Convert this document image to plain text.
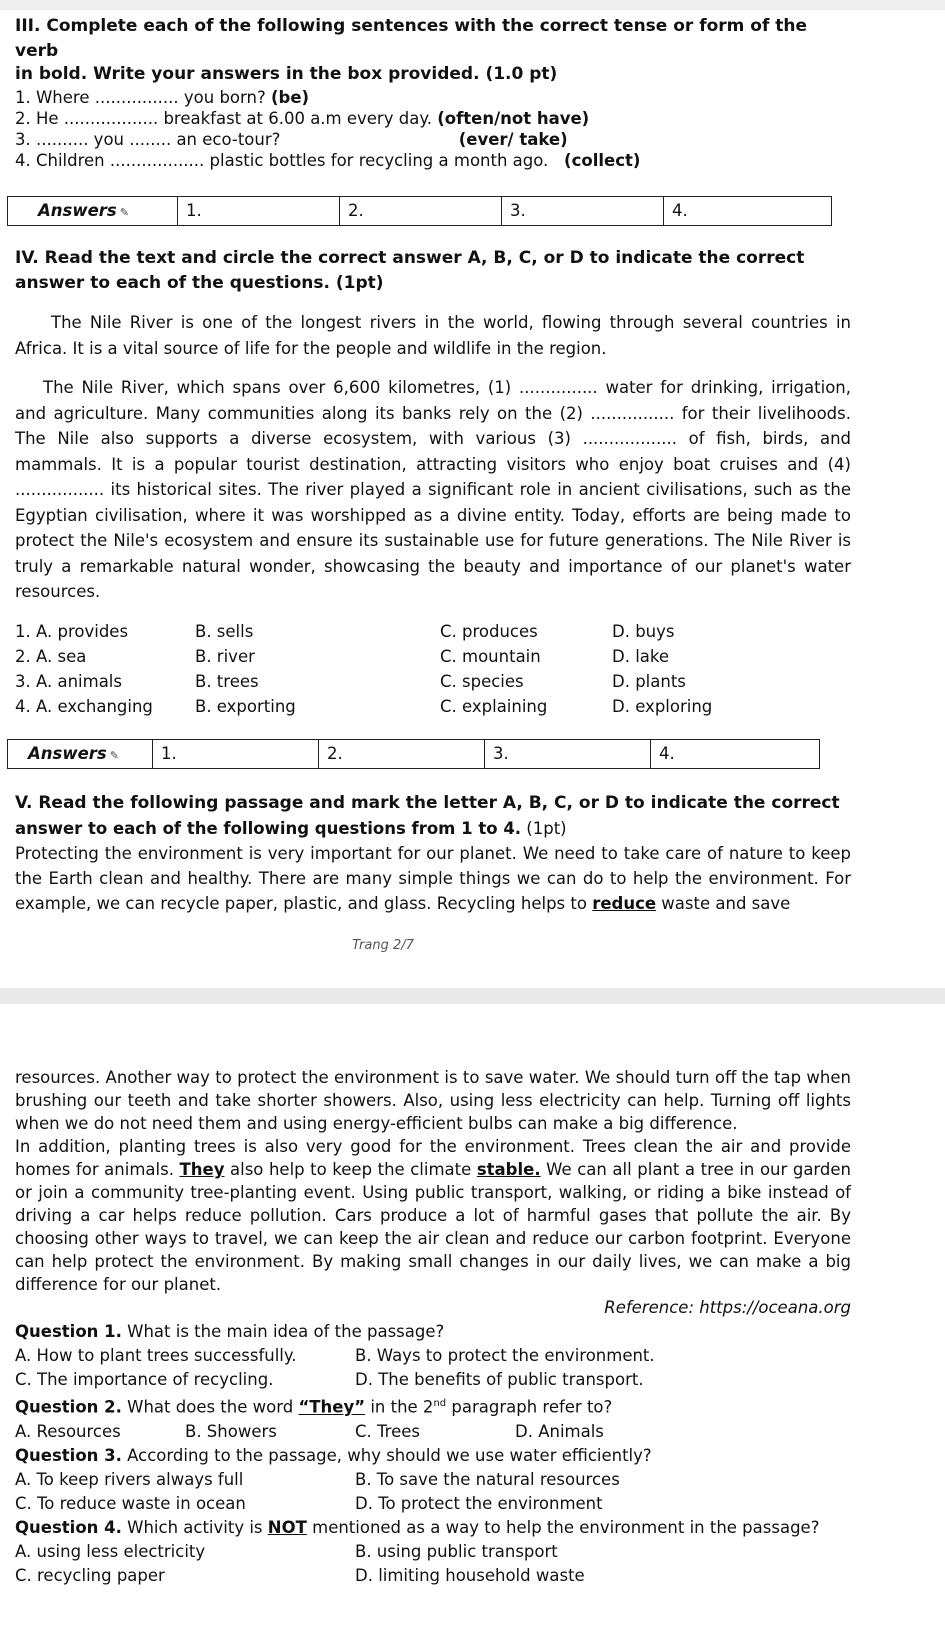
III. Complete each of the following sentences with the correct tense or form of the verb
in bold. Write your answers in the box provided. (1.0 pt)
1. Where ................ you born? (be)
2. He .................. breakfast at 6.00 a.m every day. (often/not have)
3. .......... you ........ an eco-tour?	(ever/ take)
4. Children .................. plastic bottles for recycling a month ago.   (collect)
Answers ✎	1.	2.	3.	4.
IV. Read the text and circle the correct answer A, B, C, or D to indicate the correct
answer to each of the questions. (1pt)
The Nile River is one of the longest rivers in the world, flowing through several countries in Africa. It is a vital source of life for the people and wildlife in the region.
The Nile River, which spans over 6,600 kilometres, (1) ............... water for drinking, irrigation, and agriculture. Many communities along its banks rely on the (2) ................ for their livelihoods. The Nile also supports a diverse ecosystem, with various (3) .................. of fish, birds, and mammals. It is a popular tourist destination, attracting visitors who enjoy boat cruises and (4) ................. its historical sites. The river played a significant role in ancient civilisations, such as the Egyptian civilisation, where it was worshipped as a divine entity. Today, efforts are being made to protect the Nile's ecosystem and ensure its sustainable use for future generations. The Nile River is truly a remarkable natural wonder, showcasing the beauty and importance of our planet's water resources.
1. A. provides	B. sells	C. produces	D. buys
2. A. sea	B. river	C. mountain	D. lake
3. A. animals	B. trees	C. species	D. plants
4. A. exchanging	B. exporting	C. explaining	D. exploring
Answers ✎	1.	2.	3.	4.
V. Read the following passage and mark the letter A, B, C, or D to indicate the correct
answer to each of the following questions from 1 to 4. (1pt)
Protecting the environment is very important for our planet. We need to take care of nature to keep the Earth clean and healthy. There are many simple things we can do to help the environment. For example, we can recycle paper, plastic, and glass. Recycling helps to reduce waste and save
Trang 2/7
resources. Another way to protect the environment is to save water. We should turn off the tap when brushing our teeth and take shorter showers. Also, using less electricity can help. Turning off lights when we do not need them and using energy-efficient bulbs can make a big difference.
In addition, planting trees is also very good for the environment. Trees clean the air and provide homes for animals. They also help to keep the climate stable. We can all plant a tree in our garden or join a community tree-planting event. Using public transport, walking, or riding a bike instead of driving a car helps reduce pollution. Cars produce a lot of harmful gases that pollute the air. By choosing other ways to travel, we can keep the air clean and reduce our carbon footprint. Everyone can help protect the environment. By making small changes in our daily lives, we can make a big difference for our planet.
Reference: https://oceana.org
Question 1. What is the main idea of the passage?
A. How to plant trees successfully.	B. Ways to protect the environment.
C. The importance of recycling.	D. The benefits of public transport.
Question 2. What does the word “They” in the 2nd paragraph refer to?
A. Resources	B. Showers	C. Trees	D. Animals
Question 3. According to the passage, why should we use water efficiently?
A. To keep rivers always full	B. To save the natural resources
C. To reduce waste in ocean	D. To protect the environment
Question 4. Which activity is NOT mentioned as a way to help the environment in the passage?
A. using less electricity	B. using public transport
C. recycling paper	D. limiting household waste
